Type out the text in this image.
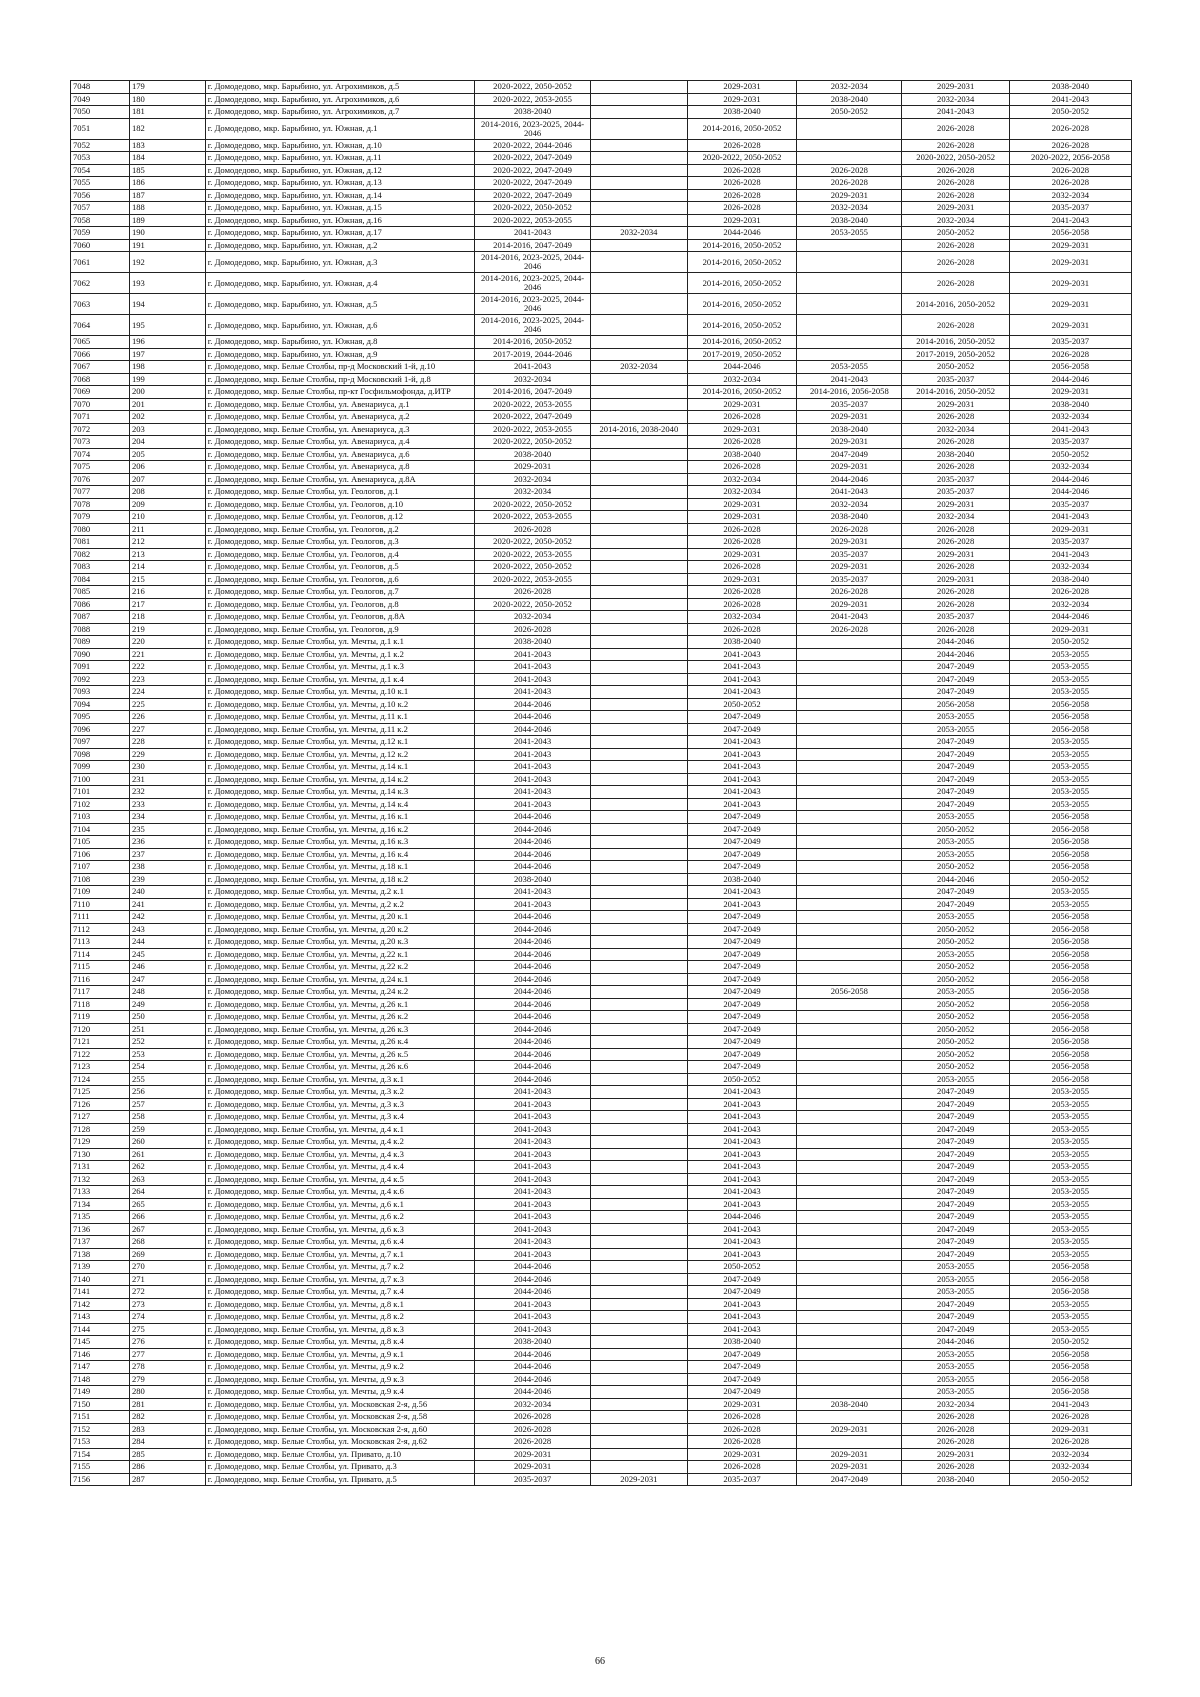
7048	179	г. Домодедово, мкр. Барыбино, ул. Агрохимиков, д.5	2020-2022, 2050-2052		2029-2031	2032-2034	2029-2031	2038-2040
7049	180	г. Домодедово, мкр. Барыбино, ул. Агрохимиков, д.6	2020-2022, 2053-2055		2029-2031	2038-2040	2032-2034	2041-2043
7050	181	г. Домодедово, мкр. Барыбино, ул. Агрохимиков, д.7	2038-2040		2038-2040	2050-2052	2041-2043	2050-2052
7051	182	г. Домодедово, мкр. Барыбино, ул. Южная, д.1	2014-2016, 2023-2025, 2044-2046		2014-2016, 2050-2052		2026-2028	2026-2028
7052	183	г. Домодедово, мкр. Барыбино, ул. Южная, д.10	2020-2022, 2044-2046		2026-2028		2026-2028	2026-2028
7053	184	г. Домодедово, мкр. Барыбино, ул. Южная, д.11	2020-2022, 2047-2049		2020-2022, 2050-2052		2020-2022, 2050-2052	2020-2022, 2056-2058
7054	185	г. Домодедово, мкр. Барыбино, ул. Южная, д.12	2020-2022, 2047-2049		2026-2028	2026-2028	2026-2028	2026-2028
7055	186	г. Домодедово, мкр. Барыбино, ул. Южная, д.13	2020-2022, 2047-2049		2026-2028	2026-2028	2026-2028	2026-2028
7056	187	г. Домодедово, мкр. Барыбино, ул. Южная, д.14	2020-2022, 2047-2049		2026-2028	2029-2031	2026-2028	2032-2034
7057	188	г. Домодедово, мкр. Барыбино, ул. Южная, д.15	2020-2022, 2050-2052		2026-2028	2032-2034	2029-2031	2035-2037
7058	189	г. Домодедово, мкр. Барыбино, ул. Южная, д.16	2020-2022, 2053-2055		2029-2031	2038-2040	2032-2034	2041-2043
7059	190	г. Домодедово, мкр. Барыбино, ул. Южная, д.17	2041-2043	2032-2034	2044-2046	2053-2055	2050-2052	2056-2058
7060	191	г. Домодедово, мкр. Барыбино, ул. Южная, д.2	2014-2016, 2047-2049		2014-2016, 2050-2052		2026-2028	2029-2031
7061	192	г. Домодедово, мкр. Барыбино, ул. Южная, д.3	2014-2016, 2023-2025, 2044-2046		2014-2016, 2050-2052		2026-2028	2029-2031
7062	193	г. Домодедово, мкр. Барыбино, ул. Южная, д.4	2014-2016, 2023-2025, 2044-2046		2014-2016, 2050-2052		2026-2028	2029-2031
7063	194	г. Домодедово, мкр. Барыбино, ул. Южная, д.5	2014-2016, 2023-2025, 2044-2046		2014-2016, 2050-2052		2014-2016, 2050-2052	2029-2031
7064	195	г. Домодедово, мкр. Барыбино, ул. Южная, д.6	2014-2016, 2023-2025, 2044-2046		2014-2016, 2050-2052		2026-2028	2029-2031
7065	196	г. Домодедово, мкр. Барыбино, ул. Южная, д.8	2014-2016, 2050-2052		2014-2016, 2050-2052		2014-2016, 2050-2052	2035-2037
7066	197	г. Домодедово, мкр. Барыбино, ул. Южная, д.9	2017-2019, 2044-2046		2017-2019, 2050-2052		2017-2019, 2050-2052	2026-2028
7067	198	г. Домодедово, мкр. Белые Столбы, пр-д Московский 1-й, д.10	2041-2043	2032-2034	2044-2046	2053-2055	2050-2052	2056-2058
7068	199	г. Домодедово, мкр. Белые Столбы, пр-д Московский 1-й, д.8	2032-2034		2032-2034	2041-2043	2035-2037	2044-2046
7069	200	г. Домодедово, мкр. Белые Столбы, пр-кт Госфильмофонда, д.ИТР	2014-2016, 2047-2049		2014-2016, 2050-2052	2014-2016, 2056-2058	2014-2016, 2050-2052	2029-2031
7070	201	г. Домодедово, мкр. Белые Столбы, ул. Авенариуса, д.1	2020-2022, 2053-2055		2029-2031	2035-2037	2029-2031	2038-2040
7071	202	г. Домодедово, мкр. Белые Столбы, ул. Авенариуса, д.2	2020-2022, 2047-2049		2026-2028	2029-2031	2026-2028	2032-2034
7072	203	г. Домодедово, мкр. Белые Столбы, ул. Авенариуса, д.3	2020-2022, 2053-2055	2014-2016, 2038-2040	2029-2031	2038-2040	2032-2034	2041-2043
7073	204	г. Домодедово, мкр. Белые Столбы, ул. Авенариуса, д.4	2020-2022, 2050-2052		2026-2028	2029-2031	2026-2028	2035-2037
7074	205	г. Домодедово, мкр. Белые Столбы, ул. Авенариуса, д.6	2038-2040		2038-2040	2047-2049	2038-2040	2050-2052
7075	206	г. Домодедово, мкр. Белые Столбы, ул. Авенариуса, д.8	2029-2031		2026-2028	2029-2031	2026-2028	2032-2034
7076	207	г. Домодедово, мкр. Белые Столбы, ул. Авенариуса, д.8А	2032-2034		2032-2034	2044-2046	2035-2037	2044-2046
7077	208	г. Домодедово, мкр. Белые Столбы, ул. Геологов, д.1	2032-2034		2032-2034	2041-2043	2035-2037	2044-2046
7078	209	г. Домодедово, мкр. Белые Столбы, ул. Геологов, д.10	2020-2022, 2050-2052		2029-2031	2032-2034	2029-2031	2035-2037
7079	210	г. Домодедово, мкр. Белые Столбы, ул. Геологов, д.12	2020-2022, 2053-2055		2029-2031	2038-2040	2032-2034	2041-2043
7080	211	г. Домодедово, мкр. Белые Столбы, ул. Геологов, д.2	2026-2028		2026-2028	2026-2028	2026-2028	2029-2031
7081	212	г. Домодедово, мкр. Белые Столбы, ул. Геологов, д.3	2020-2022, 2050-2052		2026-2028	2029-2031	2026-2028	2035-2037
7082	213	г. Домодедово, мкр. Белые Столбы, ул. Геологов, д.4	2020-2022, 2053-2055		2029-2031	2035-2037	2029-2031	2041-2043
7083	214	г. Домодедово, мкр. Белые Столбы, ул. Геологов, д.5	2020-2022, 2050-2052		2026-2028	2029-2031	2026-2028	2032-2034
7084	215	г. Домодедово, мкр. Белые Столбы, ул. Геологов, д.6	2020-2022, 2053-2055		2029-2031	2035-2037	2029-2031	2038-2040
7085	216	г. Домодедово, мкр. Белые Столбы, ул. Геологов, д.7	2026-2028		2026-2028	2026-2028	2026-2028	2026-2028
7086	217	г. Домодедово, мкр. Белые Столбы, ул. Геологов, д.8	2020-2022, 2050-2052		2026-2028	2029-2031	2026-2028	2032-2034
7087	218	г. Домодедово, мкр. Белые Столбы, ул. Геологов, д.8А	2032-2034		2032-2034	2041-2043	2035-2037	2044-2046
7088	219	г. Домодедово, мкр. Белые Столбы, ул. Геологов, д.9	2026-2028		2026-2028	2026-2028	2026-2028	2029-2031
7089	220	г. Домодедово, мкр. Белые Столбы, ул. Мечты, д.1 к.1	2038-2040		2038-2040		2044-2046	2050-2052
7090	221	г. Домодедово, мкр. Белые Столбы, ул. Мечты, д.1 к.2	2041-2043		2041-2043		2044-2046	2053-2055
7091	222	г. Домодедово, мкр. Белые Столбы, ул. Мечты, д.1 к.3	2041-2043		2041-2043		2047-2049	2053-2055
7092	223	г. Домодедово, мкр. Белые Столбы, ул. Мечты, д.1 к.4	2041-2043		2041-2043		2047-2049	2053-2055
7093	224	г. Домодедово, мкр. Белые Столбы, ул. Мечты, д.10 к.1	2041-2043		2041-2043		2047-2049	2053-2055
7094	225	г. Домодедово, мкр. Белые Столбы, ул. Мечты, д.10 к.2	2044-2046		2050-2052		2056-2058	2056-2058
7095	226	г. Домодедово, мкр. Белые Столбы, ул. Мечты, д.11 к.1	2044-2046		2047-2049		2053-2055	2056-2058
7096	227	г. Домодедово, мкр. Белые Столбы, ул. Мечты, д.11 к.2	2044-2046		2047-2049		2053-2055	2056-2058
7097	228	г. Домодедово, мкр. Белые Столбы, ул. Мечты, д.12 к.1	2041-2043		2041-2043		2047-2049	2053-2055
7098	229	г. Домодедово, мкр. Белые Столбы, ул. Мечты, д.12 к.2	2041-2043		2041-2043		2047-2049	2053-2055
7099	230	г. Домодедово, мкр. Белые Столбы, ул. Мечты, д.14 к.1	2041-2043		2041-2043		2047-2049	2053-2055
7100	231	г. Домодедово, мкр. Белые Столбы, ул. Мечты, д.14 к.2	2041-2043		2041-2043		2047-2049	2053-2055
7101	232	г. Домодедово, мкр. Белые Столбы, ул. Мечты, д.14 к.3	2041-2043		2041-2043		2047-2049	2053-2055
7102	233	г. Домодедово, мкр. Белые Столбы, ул. Мечты, д.14 к.4	2041-2043		2041-2043		2047-2049	2053-2055
7103	234	г. Домодедово, мкр. Белые Столбы, ул. Мечты, д.16 к.1	2044-2046		2047-2049		2053-2055	2056-2058
7104	235	г. Домодедово, мкр. Белые Столбы, ул. Мечты, д.16 к.2	2044-2046		2047-2049		2050-2052	2056-2058
7105	236	г. Домодедово, мкр. Белые Столбы, ул. Мечты, д.16 к.3	2044-2046		2047-2049		2053-2055	2056-2058
7106	237	г. Домодедово, мкр. Белые Столбы, ул. Мечты, д.16 к.4	2044-2046		2047-2049		2053-2055	2056-2058
7107	238	г. Домодедово, мкр. Белые Столбы, ул. Мечты, д.18 к.1	2044-2046		2047-2049		2050-2052	2056-2058
7108	239	г. Домодедово, мкр. Белые Столбы, ул. Мечты, д.18 к.2	2038-2040		2038-2040		2044-2046	2050-2052
7109	240	г. Домодедово, мкр. Белые Столбы, ул. Мечты, д.2 к.1	2041-2043		2041-2043		2047-2049	2053-2055
7110	241	г. Домодедово, мкр. Белые Столбы, ул. Мечты, д.2 к.2	2041-2043		2041-2043		2047-2049	2053-2055
7111	242	г. Домодедово, мкр. Белые Столбы, ул. Мечты, д.20 к.1	2044-2046		2047-2049		2053-2055	2056-2058
7112	243	г. Домодедово, мкр. Белые Столбы, ул. Мечты, д.20 к.2	2044-2046		2047-2049		2050-2052	2056-2058
7113	244	г. Домодедово, мкр. Белые Столбы, ул. Мечты, д.20 к.3	2044-2046		2047-2049		2050-2052	2056-2058
7114	245	г. Домодедово, мкр. Белые Столбы, ул. Мечты, д.22 к.1	2044-2046		2047-2049		2053-2055	2056-2058
7115	246	г. Домодедово, мкр. Белые Столбы, ул. Мечты, д.22 к.2	2044-2046		2047-2049		2050-2052	2056-2058
7116	247	г. Домодедово, мкр. Белые Столбы, ул. Мечты, д.24 к.1	2044-2046		2047-2049		2050-2052	2056-2058
7117	248	г. Домодедово, мкр. Белые Столбы, ул. Мечты, д.24 к.2	2044-2046		2047-2049	2056-2058	2053-2055	2056-2058
7118	249	г. Домодедово, мкр. Белые Столбы, ул. Мечты, д.26 к.1	2044-2046		2047-2049		2050-2052	2056-2058
7119	250	г. Домодедово, мкр. Белые Столбы, ул. Мечты, д.26 к.2	2044-2046		2047-2049		2050-2052	2056-2058
7120	251	г. Домодедово, мкр. Белые Столбы, ул. Мечты, д.26 к.3	2044-2046		2047-2049		2050-2052	2056-2058
7121	252	г. Домодедово, мкр. Белые Столбы, ул. Мечты, д.26 к.4	2044-2046		2047-2049		2050-2052	2056-2058
7122	253	г. Домодедово, мкр. Белые Столбы, ул. Мечты, д.26 к.5	2044-2046		2047-2049		2050-2052	2056-2058
7123	254	г. Домодедово, мкр. Белые Столбы, ул. Мечты, д.26 к.6	2044-2046		2047-2049		2050-2052	2056-2058
7124	255	г. Домодедово, мкр. Белые Столбы, ул. Мечты, д.3 к.1	2044-2046		2050-2052		2053-2055	2056-2058
7125	256	г. Домодедово, мкр. Белые Столбы, ул. Мечты, д.3 к.2	2041-2043		2041-2043		2047-2049	2053-2055
7126	257	г. Домодедово, мкр. Белые Столбы, ул. Мечты, д.3 к.3	2041-2043		2041-2043		2047-2049	2053-2055
7127	258	г. Домодедово, мкр. Белые Столбы, ул. Мечты, д.3 к.4	2041-2043		2041-2043		2047-2049	2053-2055
7128	259	г. Домодедово, мкр. Белые Столбы, ул. Мечты, д.4 к.1	2041-2043		2041-2043		2047-2049	2053-2055
7129	260	г. Домодедово, мкр. Белые Столбы, ул. Мечты, д.4 к.2	2041-2043		2041-2043		2047-2049	2053-2055
7130	261	г. Домодедово, мкр. Белые Столбы, ул. Мечты, д.4 к.3	2041-2043		2041-2043		2047-2049	2053-2055
7131	262	г. Домодедово, мкр. Белые Столбы, ул. Мечты, д.4 к.4	2041-2043		2041-2043		2047-2049	2053-2055
7132	263	г. Домодедово, мкр. Белые Столбы, ул. Мечты, д.4 к.5	2041-2043		2041-2043		2047-2049	2053-2055
7133	264	г. Домодедово, мкр. Белые Столбы, ул. Мечты, д.4 к.6	2041-2043		2041-2043		2047-2049	2053-2055
7134	265	г. Домодедово, мкр. Белые Столбы, ул. Мечты, д.6 к.1	2041-2043		2041-2043		2047-2049	2053-2055
7135	266	г. Домодедово, мкр. Белые Столбы, ул. Мечты, д.6 к.2	2041-2043		2044-2046		2047-2049	2053-2055
7136	267	г. Домодедово, мкр. Белые Столбы, ул. Мечты, д.6 к.3	2041-2043		2041-2043		2047-2049	2053-2055
7137	268	г. Домодедово, мкр. Белые Столбы, ул. Мечты, д.6 к.4	2041-2043		2041-2043		2047-2049	2053-2055
7138	269	г. Домодедово, мкр. Белые Столбы, ул. Мечты, д.7 к.1	2041-2043		2041-2043		2047-2049	2053-2055
7139	270	г. Домодедово, мкр. Белые Столбы, ул. Мечты, д.7 к.2	2044-2046		2050-2052		2053-2055	2056-2058
7140	271	г. Домодедово, мкр. Белые Столбы, ул. Мечты, д.7 к.3	2044-2046		2047-2049		2053-2055	2056-2058
7141	272	г. Домодедово, мкр. Белые Столбы, ул. Мечты, д.7 к.4	2044-2046		2047-2049		2053-2055	2056-2058
7142	273	г. Домодедово, мкр. Белые Столбы, ул. Мечты, д.8 к.1	2041-2043		2041-2043		2047-2049	2053-2055
7143	274	г. Домодедово, мкр. Белые Столбы, ул. Мечты, д.8 к.2	2041-2043		2041-2043		2047-2049	2053-2055
7144	275	г. Домодедово, мкр. Белые Столбы, ул. Мечты, д.8 к.3	2041-2043		2041-2043		2047-2049	2053-2055
7145	276	г. Домодедово, мкр. Белые Столбы, ул. Мечты, д.8 к.4	2038-2040		2038-2040		2044-2046	2050-2052
7146	277	г. Домодедово, мкр. Белые Столбы, ул. Мечты, д.9 к.1	2044-2046		2047-2049		2053-2055	2056-2058
7147	278	г. Домодедово, мкр. Белые Столбы, ул. Мечты, д.9 к.2	2044-2046		2047-2049		2053-2055	2056-2058
7148	279	г. Домодедово, мкр. Белые Столбы, ул. Мечты, д.9 к.3	2044-2046		2047-2049		2053-2055	2056-2058
7149	280	г. Домодедово, мкр. Белые Столбы, ул. Мечты, д.9 к.4	2044-2046		2047-2049		2053-2055	2056-2058
7150	281	г. Домодедово, мкр. Белые Столбы, ул. Московская 2-я, д.56	2032-2034		2029-2031	2038-2040	2032-2034	2041-2043
7151	282	г. Домодедово, мкр. Белые Столбы, ул. Московская 2-я, д.58	2026-2028		2026-2028		2026-2028	2026-2028
7152	283	г. Домодедово, мкр. Белые Столбы, ул. Московская 2-я, д.60	2026-2028		2026-2028	2029-2031	2026-2028	2029-2031
7153	284	г. Домодедово, мкр. Белые Столбы, ул. Московская 2-я, д.62	2026-2028		2026-2028		2026-2028	2026-2028
7154	285	г. Домодедово, мкр. Белые Столбы, ул. Привато, д.10	2029-2031		2029-2031	2029-2031	2029-2031	2032-2034
7155	286	г. Домодедово, мкр. Белые Столбы, ул. Привато, д.3	2029-2031		2026-2028	2029-2031	2026-2028	2032-2034
7156	287	г. Домодедово, мкр. Белые Столбы, ул. Привато, д.5	2035-2037	2029-2031	2035-2037	2047-2049	2038-2040	2050-2052
66
